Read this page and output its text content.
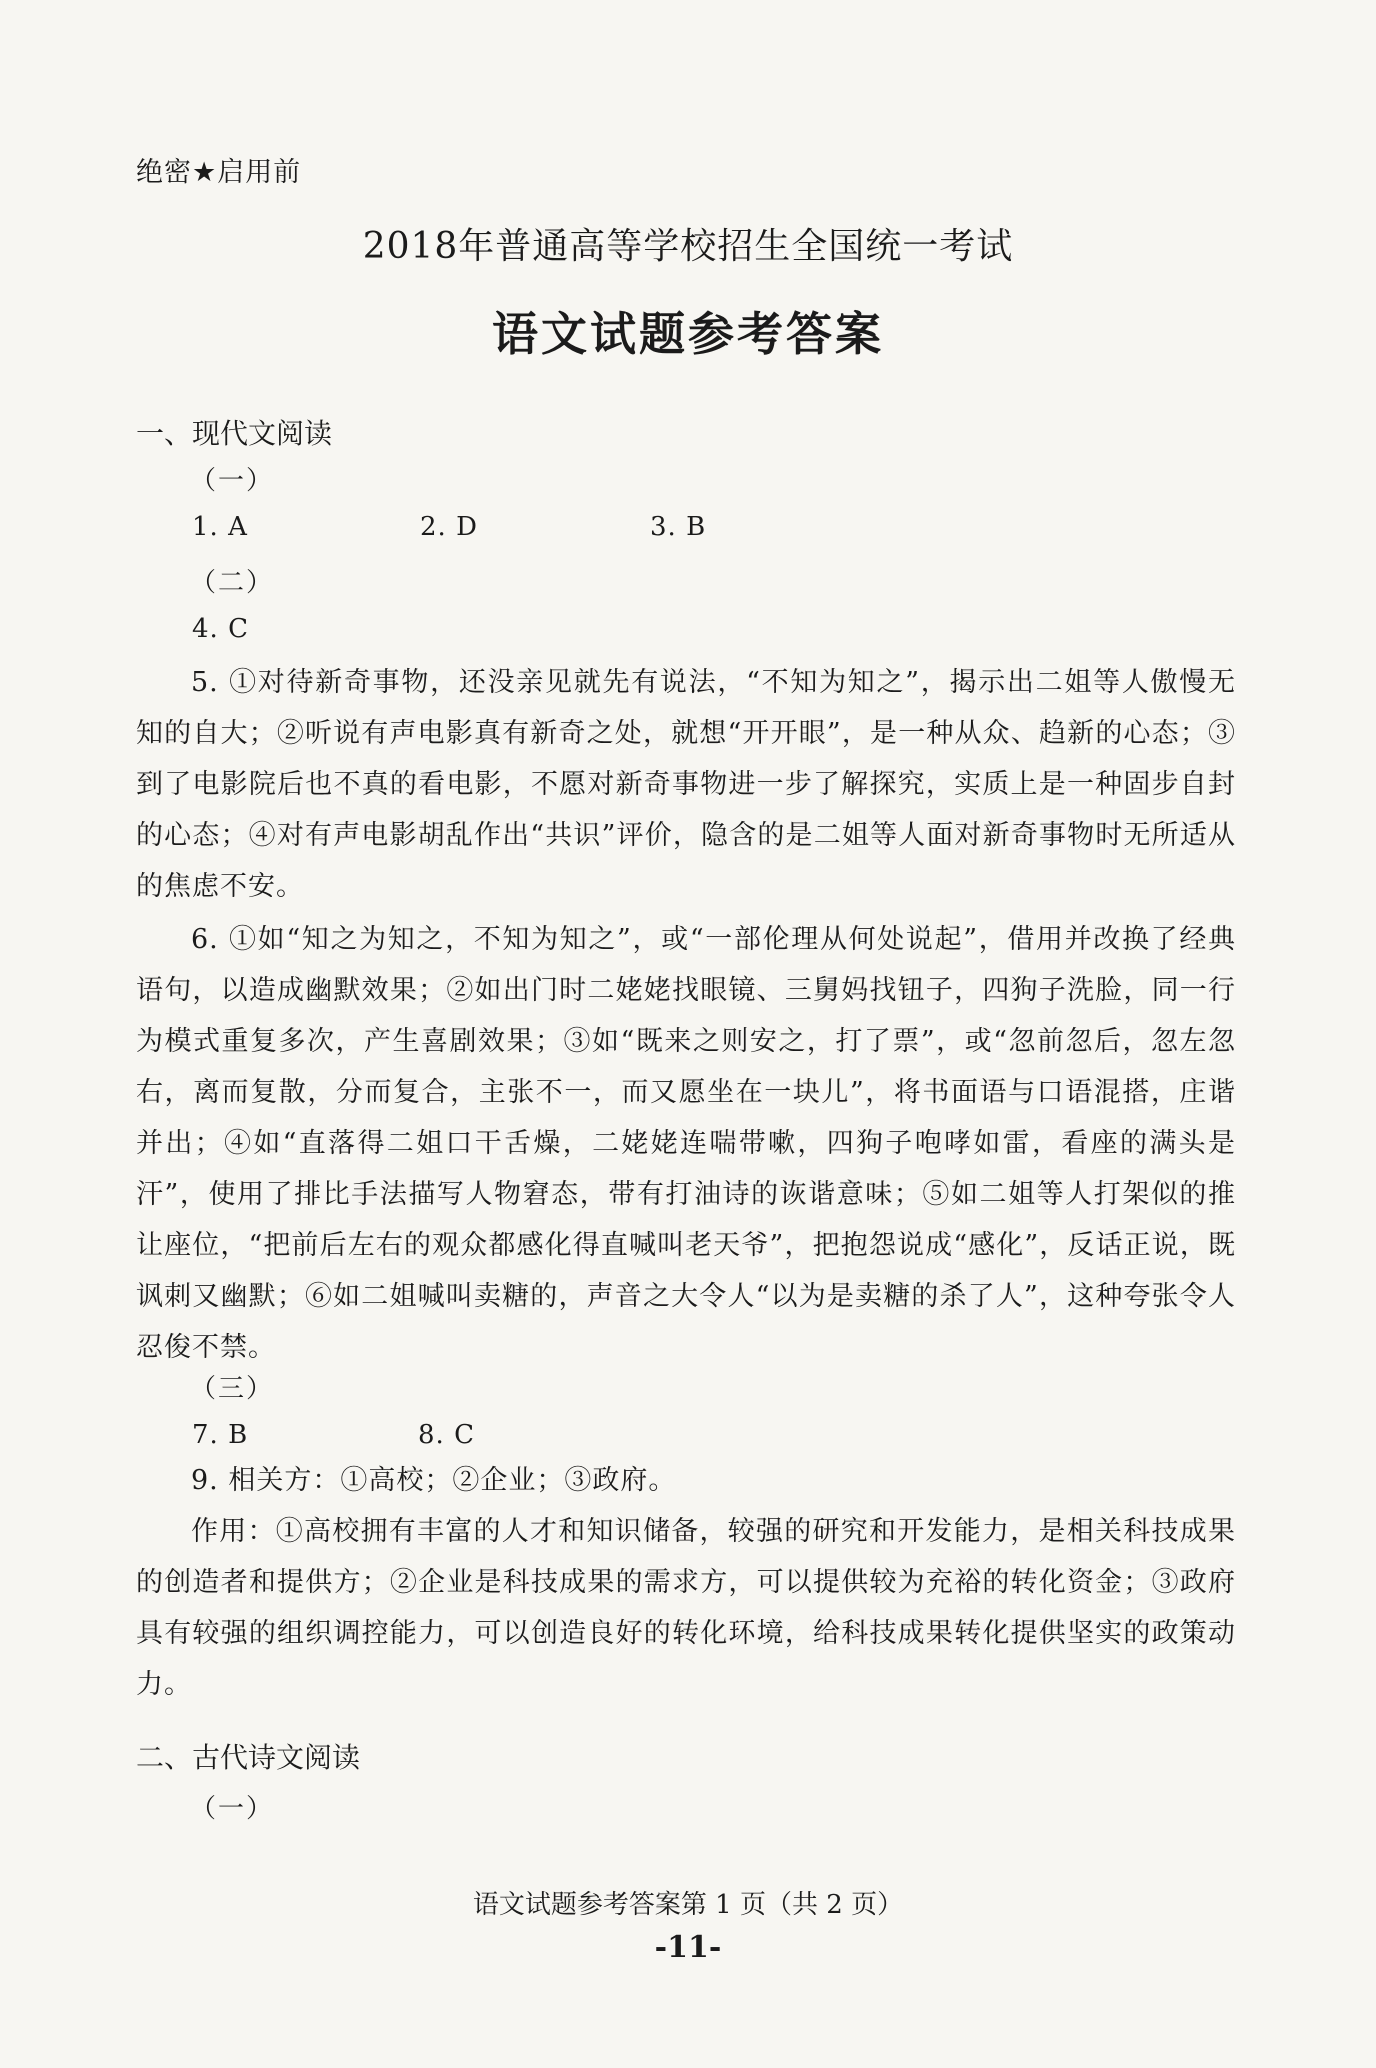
绝密★启用前
2018年普通高等学校招生全国统一考试
语文试题参考答案
一、现代文阅读
（一）
1. A	2. D	3. B
（二）
4. C

5. ①对待新奇事物，还没亲见就先有说法，“不知为知之”，揭示出二姐等人傲慢无知的自大；②听说有声电影真有新奇之处，就想“开开眼”，是一种从众、趋新的心态；③到了电影院后也不真的看电影，不愿对新奇事物进一步了解探究，实质上是一种固步自封的心态；④对有声电影胡乱作出“共识”评价，隐含的是二姐等人面对新奇事物时无所适从的焦虑不安。

6. ①如“知之为知之，不知为知之”，或“一部伦理从何处说起”，借用并改换了经典语句，以造成幽默效果；②如出门时二姥姥找眼镜、三舅妈找钮子，四狗子洗脸，同一行为模式重复多次，产生喜剧效果；③如“既来之则安之，打了票”，或“忽前忽后，忽左忽右，离而复散，分而复合，主张不一，而又愿坐在一块儿”，将书面语与口语混搭，庄谐并出；④如“直落得二姐口干舌燥，二姥姥连喘带嗽，四狗子咆哮如雷，看座的满头是汗”，使用了排比手法描写人物窘态，带有打油诗的诙谐意味；⑤如二姐等人打架似的推让座位，“把前后左右的观众都感化得直喊叫老天爷”，把抱怨说成“感化”，反话正说，既讽刺又幽默；⑥如二姐喊叫卖糖的，声音之大令人“以为是卖糖的杀了人”，这种夸张令人忍俊不禁。

（三）
7. B	8. C

9. 相关方：①高校；②企业；③政府。

作用：①高校拥有丰富的人才和知识储备，较强的研究和开发能力，是相关科技成果的创造者和提供方；②企业是科技成果的需求方，可以提供较为充裕的转化资金；③政府具有较强的组织调控能力，可以创造良好的转化环境，给科技成果转化提供坚实的政策动力。

二、古代诗文阅读
（一）
语文试题参考答案第 1 页（共 2 页）
-11-
